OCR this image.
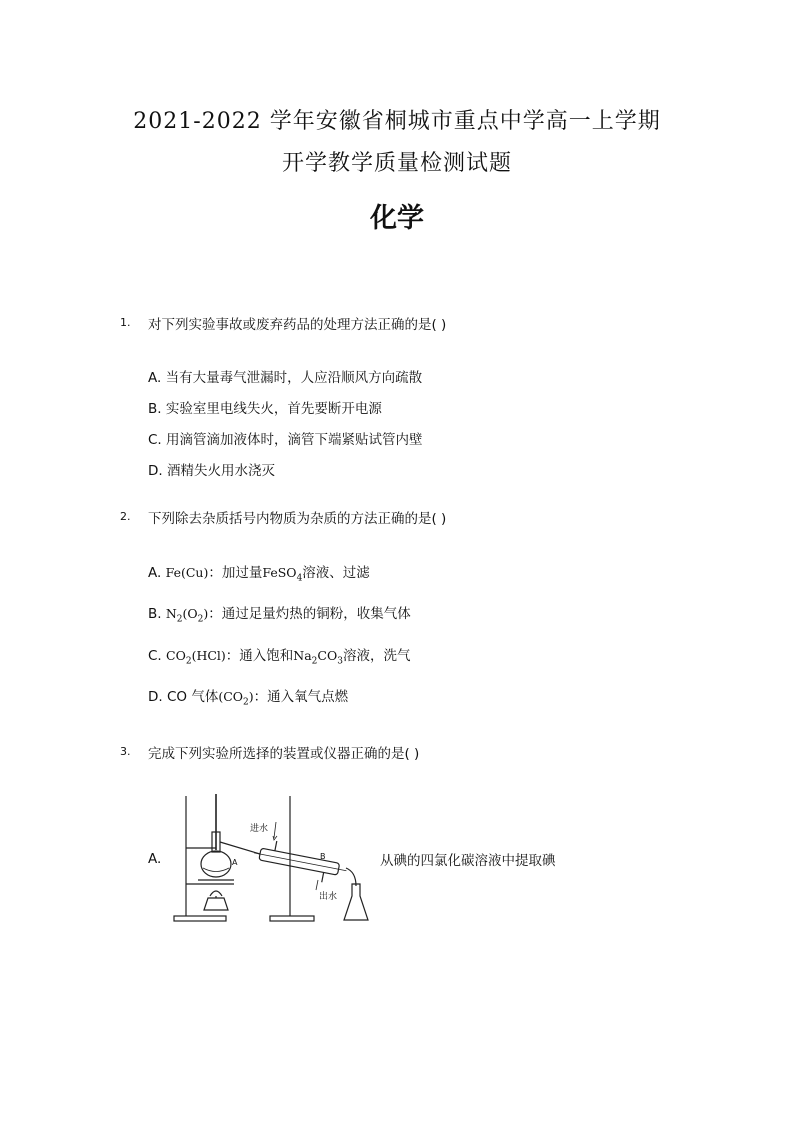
2021-2022 学年安徽省桐城市重点中学高一上学期
开学教学质量检测试题
化学
1. 对下列实验事故或废弃药品的处理方法正确的是( )
A. 当有大量毒气泄漏时，人应沿顺风方向疏散
B. 实验室里电线失火，首先要断开电源
C. 用滴管滴加液体时，滴管下端紧贴试管内壁
D. 酒精失火用水浇灭
2. 下列除去杂质括号内物质为杂质的方法正确的是( )
A. Fe(Cu)：加过量FeSO$_4$溶液、过滤
B. $N_2(O_2)$：通过足量灼热的铜粉，收集气体
C. $CO_2(HCl)$：通入饱和$Na_2CO_3$溶液，洗气
D. CO 气体$(CO_2)$：通入氧气点燃
3. 完成下列实验所选择的装置或仪器正确的是( )
A.
进水
出水
A
B	从碘的四氯化碳溶液中提取碘
